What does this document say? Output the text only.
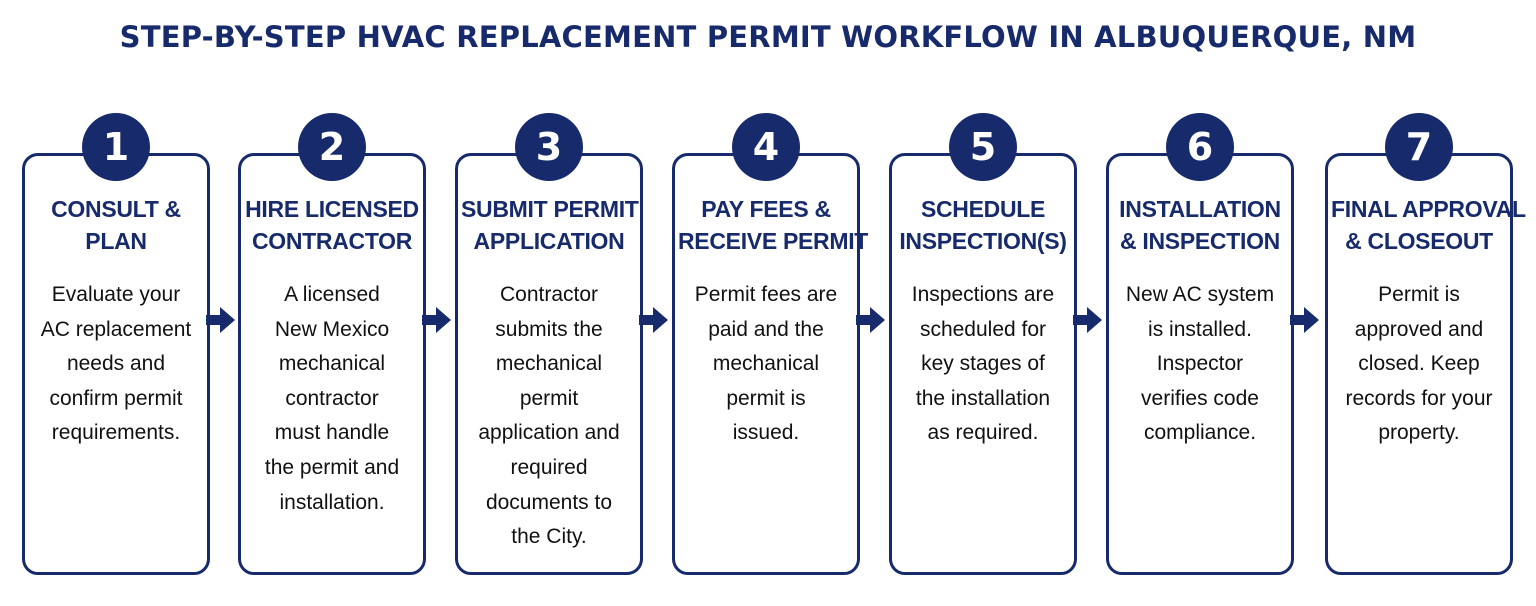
STEP-BY-STEP HVAC REPLACEMENT PERMIT WORKFLOW IN ALBUQUERQUE, NM
1
CONSULT &
PLAN
Evaluate your
AC replacement
needs and
confirm permit
requirements.
2
HIRE LICENSED
CONTRACTOR
A licensed
New Mexico
mechanical
contractor
must handle
the permit and
installation.
3
SUBMIT PERMIT
APPLICATION
Contractor
submits the
mechanical
permit
application and
required
documents to
the City.
4
PAY FEES &
RECEIVE PERMIT
Permit fees are
paid and the
mechanical
permit is
issued.
5
SCHEDULE
INSPECTION(S)
Inspections are
scheduled for
key stages of
the installation
as required.
6
INSTALLATION
& INSPECTION
New AC system
is installed.
Inspector
verifies code
compliance.
7
FINAL APPROVAL
& CLOSEOUT
Permit is
approved and
closed. Keep
records for your
property.
